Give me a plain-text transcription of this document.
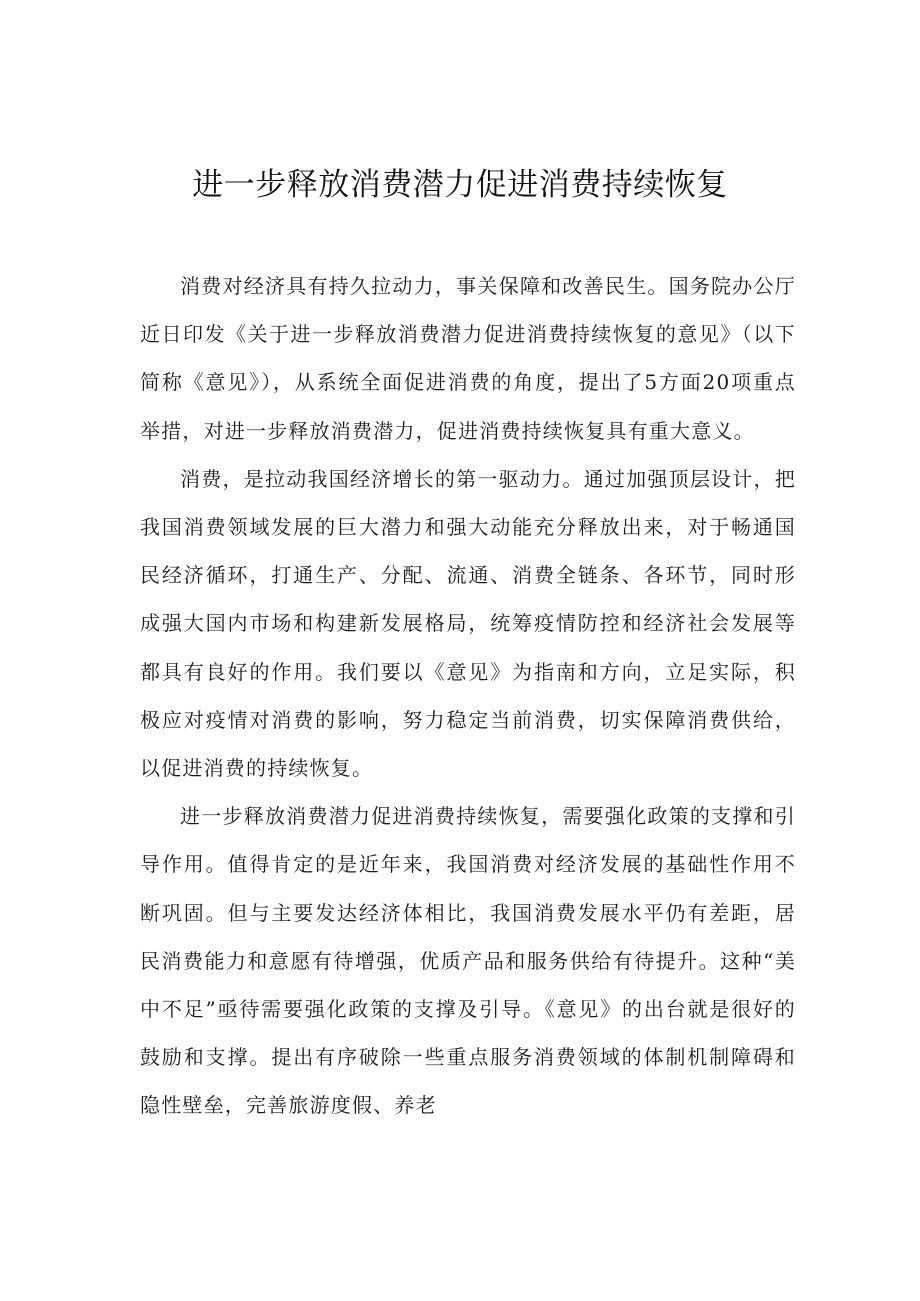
进一步释放消费潜力促进消费持续恢复

消费对经济具有持久拉动力，事关保障和改善民生。国务院办公厅近日印发《关于进一步释放消费潜力促进消费持续恢复的意见》（以下简称《意见》），从系统全面促进消费的角度，提出了5方面20项重点举措，对进一步释放消费潜力，促进消费持续恢复具有重大意义。

消费，是拉动我国经济增长的第一驱动力。通过加强顶层设计，把我国消费领域发展的巨大潜力和强大动能充分释放出来，对于畅通国民经济循环，打通生产、分配、流通、消费全链条、各环节，同时形成强大国内市场和构建新发展格局，统筹疫情防控和经济社会发展等都具有良好的作用。我们要以《意见》为指南和方向，立足实际，积极应对疫情对消费的影响，努力稳定当前消费，切实保障消费供给，以促进消费的持续恢复。

进一步释放消费潜力促进消费持续恢复，需要强化政策的支撑和引导作用。值得肯定的是近年来，我国消费对经济发展的基础性作用不断巩固。但与主要发达经济体相比，我国消费发展水平仍有差距，居民消费能力和意愿有待增强，优质产品和服务供给有待提升。这种“美中不足”亟待需要强化政策的支撑及引导。《意见》的出台就是很好的鼓励和支撑。提出有序破除一些重点服务消费领域的体制机制障碍和隐性壁垒，完善旅游度假、养老
